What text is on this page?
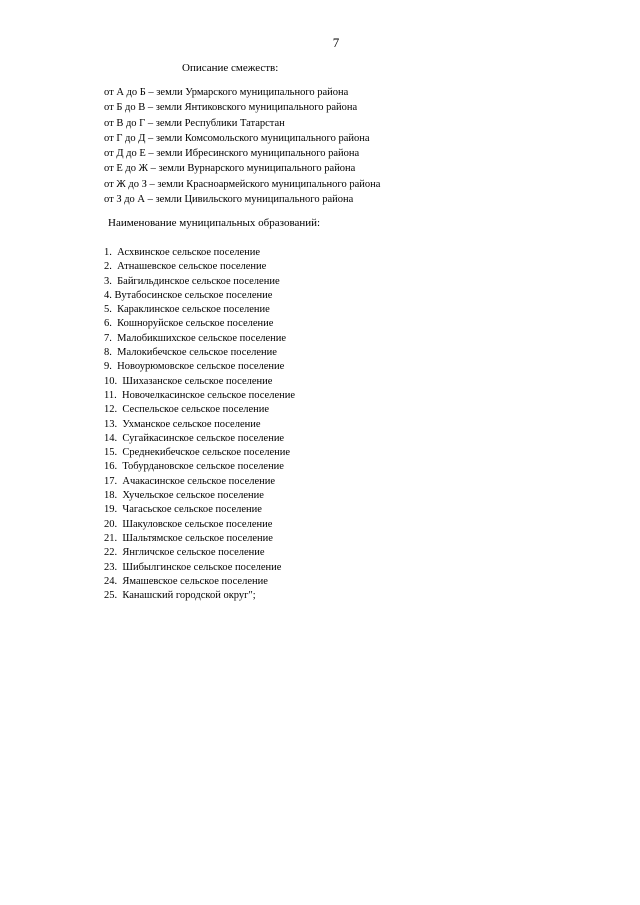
7
Описание смежеств:
от А до Б – земли Урмарского муниципального района
от Б до В – земли Янтиковского муниципального района
от В до Г – земли Республики Татарстан
от Г до Д – земли Комсомольского муниципального района
от Д до Е – земли Ибресинского муниципального района
от Е до Ж – земли Вурнарского муниципального района
от Ж до З – земли Красноармейского муниципального района
от З до А – земли Цивильского муниципального района
Наименование муниципальных образований:
1. Асхвинское сельское поселение
2. Атнашевское сельское поселение
3. Байгильдинское сельское поселение
4. Вутабосинское сельское поселение
5. Караклинское сельское поселение
6. Кошноруйское сельское поселение
7. Малобикшихское сельское поселение
8. Малокибечское сельское поселение
9. Новоурюмовское сельское поселение
10. Шихазанское сельское поселение
11. Новочелкасинское сельское поселение
12. Сеспельское сельское поселение
13. Ухманское сельское поселение
14. Сугайкасинское сельское поселение
15. Среднекибечское сельское поселение
16. Тобурдановское сельское поселение
17. Ачакасинское сельское поселение
18. Хучельское сельское поселение
19. Чагасьское сельское поселение
20. Шакуловское сельское поселение
21. Шальтямское сельское поселение
22. Янгличское сельское поселение
23. Шибылгинское сельское поселение
24. Ямашевское сельское поселение
25. Канашский городской округ";
